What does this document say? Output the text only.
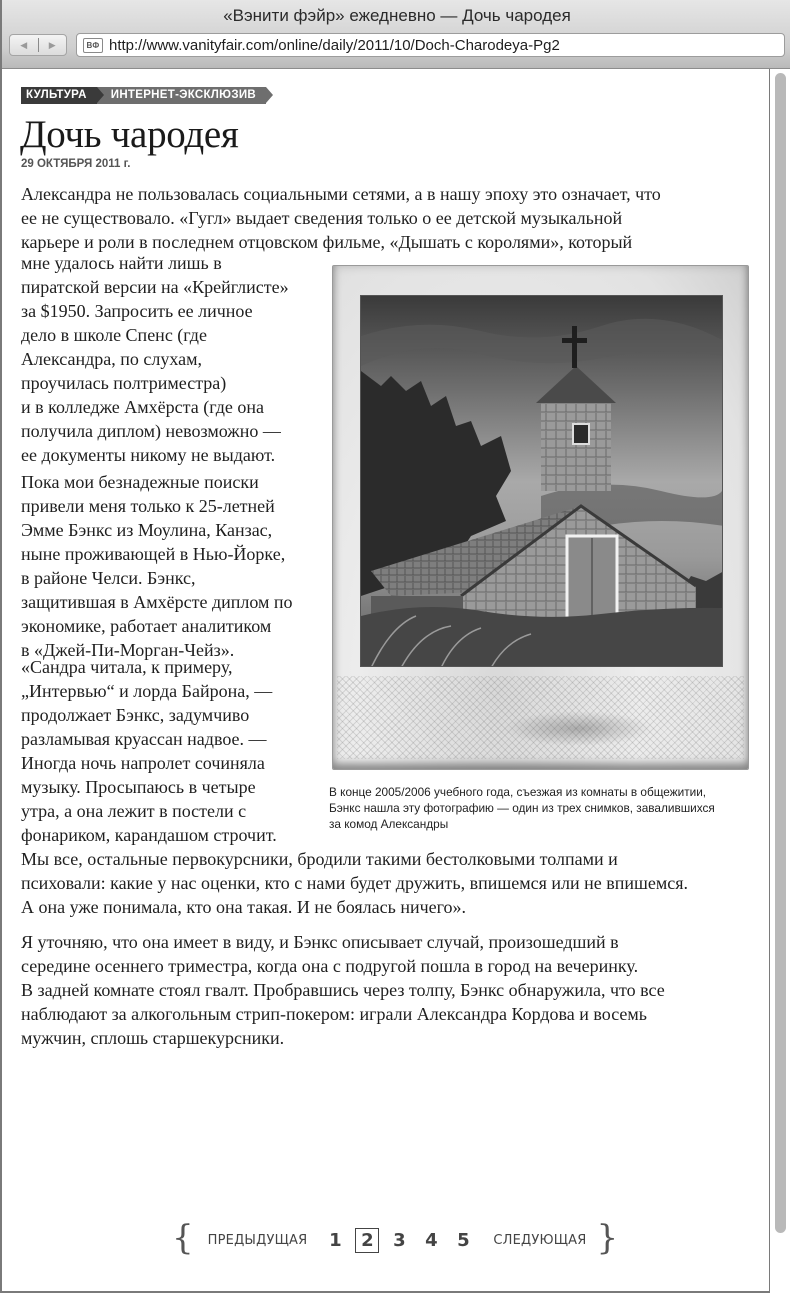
«Вэнити фэйр» ежедневно — Дочь чародея
◀ ▶	ВФ http://www.vanityfair.com/online/daily/2011/10/Doch-Charodeya-Pg2
КУЛЬТУРА	ИНТЕРНЕТ-ЭКСКЛЮЗИВ
Дочь чародея
29 ОКТЯБРЯ 2011 г.
Александра не пользовалась социальными сетями, а в нашу эпоху это означает, что
ее не существовало. «Гугл» выдает сведения только о ее детской музыкальной
карьере и роли в последнем отцовском фильме, «Дышать с королями», который
мне удалось найти лишь в
пиратской версии на «Крейглисте»
за $1950. Запросить ее личное
дело в школе Спенс (где
Александра, по слухам,
проучилась полтриместра)
и в колледже Амхёрста (где она
получила диплом) невозможно —
ее документы никому не выдают.
Пока мои безнадежные поиски
привели меня только к 25-летней
Эмме Бэнкс из Моулина, Канзас,
ныне проживающей в Нью-Йорке,
в районе Челси. Бэнкс,
защитившая в Амхёрсте диплом по
экономике, работает аналитиком
в «Джей-Пи-Морган-Чейз».
«Сандра читала, к примеру,
„Интервью“ и лорда Байрона, —
продолжает Бэнкс, задумчиво
разламывая круассан надвое. —
Иногда ночь напролет сочиняла
музыку. Просыпаюсь в четыре
утра, а она лежит в постели с
фонариком, карандашом строчит.
Мы все, остальные первокурсники, бродили такими бестолковыми толпами и
психовали: какие у нас оценки, кто с нами будет дружить, впишемся или не впишемся.
А она уже понимала, кто она такая. И не боялась ничего».
Я уточняю, что она имеет в виду, и Бэнкс описывает случай, произошедший в
середине осеннего триместра, когда она с подругой пошла в город на вечеринку.
В задней комнате стоял гвалт. Пробравшись через толпу, Бэнкс обнаружила, что все
наблюдают за алкогольным стрип-покером: играли Александра Кордова и восемь
мужчин, сплошь старшекурсники.
В конце 2005/2006 учебного года, съезжая из комнаты в общежитии,
Бэнкс нашла эту фотографию — один из трех снимков, завалившихся
за комод Александры
{ ПРЕДЫДУЩАЯ	1	2	3	4	5	СЛЕДУЮЩАЯ }
